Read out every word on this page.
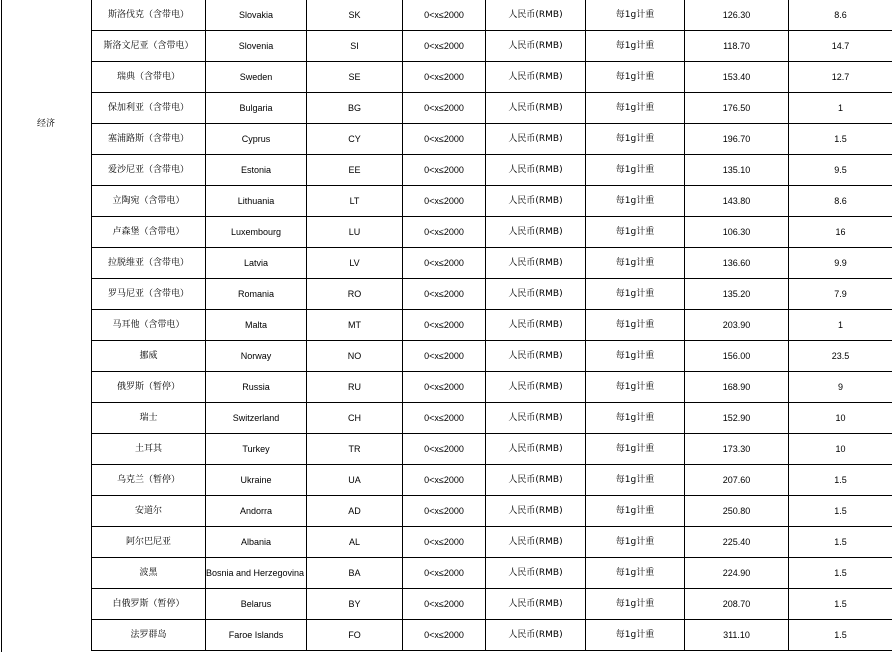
经济
斯洛伐克（含带电）	Slovakia	SK	0<x≤2000	人民币(RMB)	每1g计重	126.30	8.6
斯洛文尼亚（含带电）	Slovenia	SI	0<x≤2000	人民币(RMB)	每1g计重	118.70	14.7
瑞典（含带电）	Sweden	SE	0<x≤2000	人民币(RMB)	每1g计重	153.40	12.7
保加利亚（含带电）	Bulgaria	BG	0<x≤2000	人民币(RMB)	每1g计重	176.50	1
塞浦路斯（含带电）	Cyprus	CY	0<x≤2000	人民币(RMB)	每1g计重	196.70	1.5
爱沙尼亚（含带电）	Estonia	EE	0<x≤2000	人民币(RMB)	每1g计重	135.10	9.5
立陶宛（含带电）	Lithuania	LT	0<x≤2000	人民币(RMB)	每1g计重	143.80	8.6
卢森堡（含带电）	Luxembourg	LU	0<x≤2000	人民币(RMB)	每1g计重	106.30	16
拉脱维亚（含带电）	Latvia	LV	0<x≤2000	人民币(RMB)	每1g计重	136.60	9.9
罗马尼亚（含带电）	Romania	RO	0<x≤2000	人民币(RMB)	每1g计重	135.20	7.9
马耳他（含带电）	Malta	MT	0<x≤2000	人民币(RMB)	每1g计重	203.90	1
挪威	Norway	NO	0<x≤2000	人民币(RMB)	每1g计重	156.00	23.5
俄罗斯（暂停）	Russia	RU	0<x≤2000	人民币(RMB)	每1g计重	168.90	9
瑞士	Switzerland	CH	0<x≤2000	人民币(RMB)	每1g计重	152.90	10
土耳其	Turkey	TR	0<x≤2000	人民币(RMB)	每1g计重	173.30	10
乌克兰（暂停）	Ukraine	UA	0<x≤2000	人民币(RMB)	每1g计重	207.60	1.5
安道尔	Andorra	AD	0<x≤2000	人民币(RMB)	每1g计重	250.80	1.5
阿尔巴尼亚	Albania	AL	0<x≤2000	人民币(RMB)	每1g计重	225.40	1.5
波黑	Bosnia and Herzegovina	BA	0<x≤2000	人民币(RMB)	每1g计重	224.90	1.5
白俄罗斯（暂停）	Belarus	BY	0<x≤2000	人民币(RMB)	每1g计重	208.70	1.5
法罗群岛	Faroe Islands	FO	0<x≤2000	人民币(RMB)	每1g计重	311.10	1.5
